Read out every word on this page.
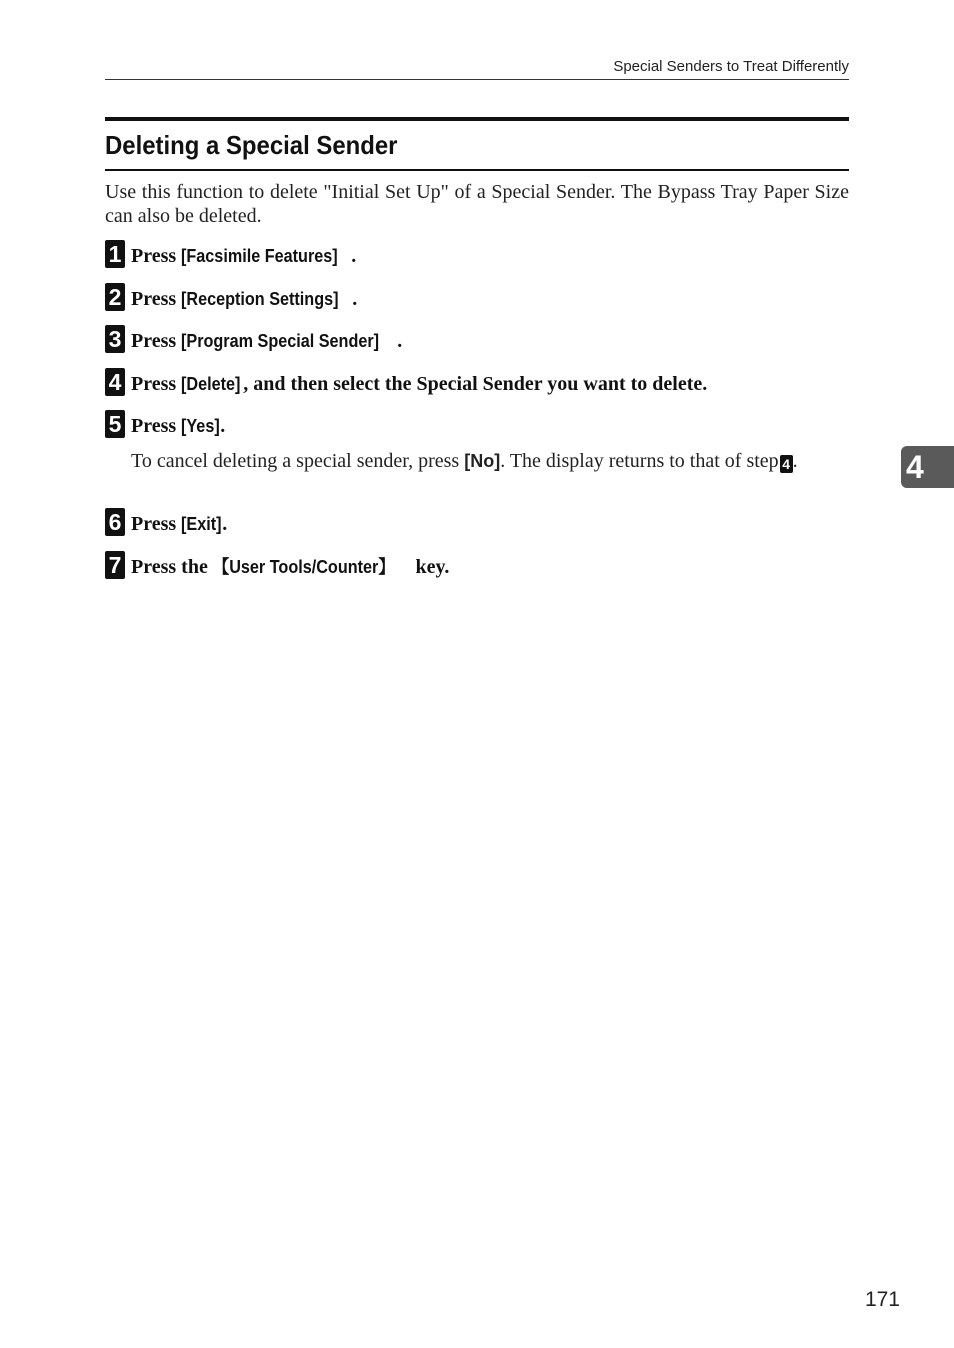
Special Senders to Treat Differently
Deleting a Special Sender
Use this function to delete "Initial Set Up" of a Special Sender. The Bypass Tray Paper Size can also be deleted.
1 Press [Facsimile Features] .
2 Press [Reception Settings] .
3 Press [Program Special Sender] .
4 Press [Delete] , and then select the Special Sender you want to delete.
5 Press [Yes].
To cancel deleting a special sender, press [No]. The display returns to that of step 4 .
6 Press [Exit].
7 Press the 【User Tools/Counter】 key.
4
171
